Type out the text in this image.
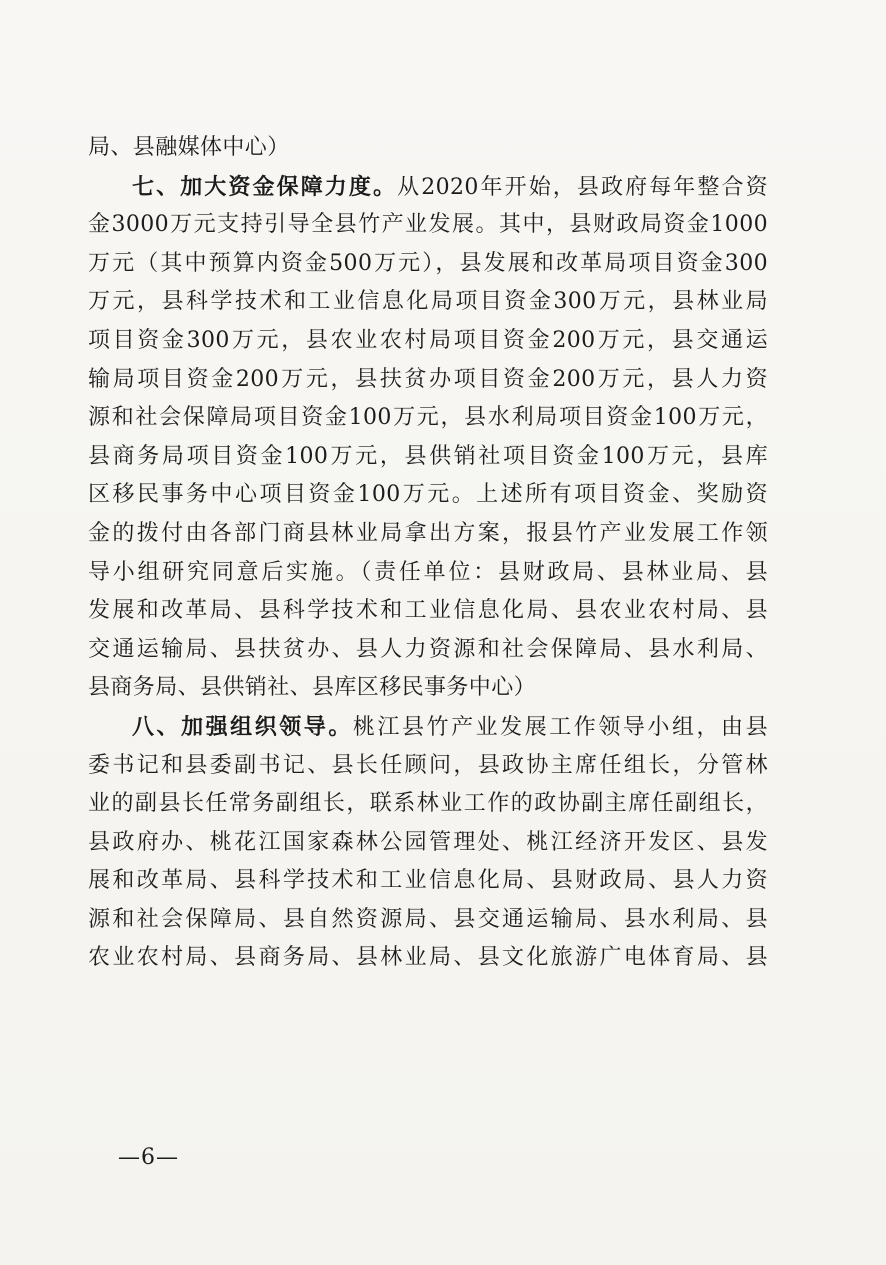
局、县融媒体中心）
七、加大资金保障力度。从2020年开始，县政府每年整合资
金3000万元支持引导全县竹产业发展。其中，县财政局资金1000
万元（其中预算内资金500万元），县发展和改革局项目资金300
万元，县科学技术和工业信息化局项目资金300万元，县林业局
项目资金300万元，县农业农村局项目资金200万元，县交通运
输局项目资金200万元，县扶贫办项目资金200万元，县人力资
源和社会保障局项目资金100万元，县水利局项目资金100万元，
县商务局项目资金100万元，县供销社项目资金100万元，县库
区移民事务中心项目资金100万元。上述所有项目资金、奖励资
金的拨付由各部门商县林业局拿出方案，报县竹产业发展工作领
导小组研究同意后实施。（责任单位：县财政局、县林业局、县
发展和改革局、县科学技术和工业信息化局、县农业农村局、县
交通运输局、县扶贫办、县人力资源和社会保障局、县水利局、
县商务局、县供销社、县库区移民事务中心）
八、加强组织领导。桃江县竹产业发展工作领导小组，由县
委书记和县委副书记、县长任顾问，县政协主席任组长，分管林
业的副县长任常务副组长，联系林业工作的政协副主席任副组长，
县政府办、桃花江国家森林公园管理处、桃江经济开发区、县发
展和改革局、县科学技术和工业信息化局、县财政局、县人力资
源和社会保障局、县自然资源局、县交通运输局、县水利局、县
农业农村局、县商务局、县林业局、县文化旅游广电体育局、县
—6—
